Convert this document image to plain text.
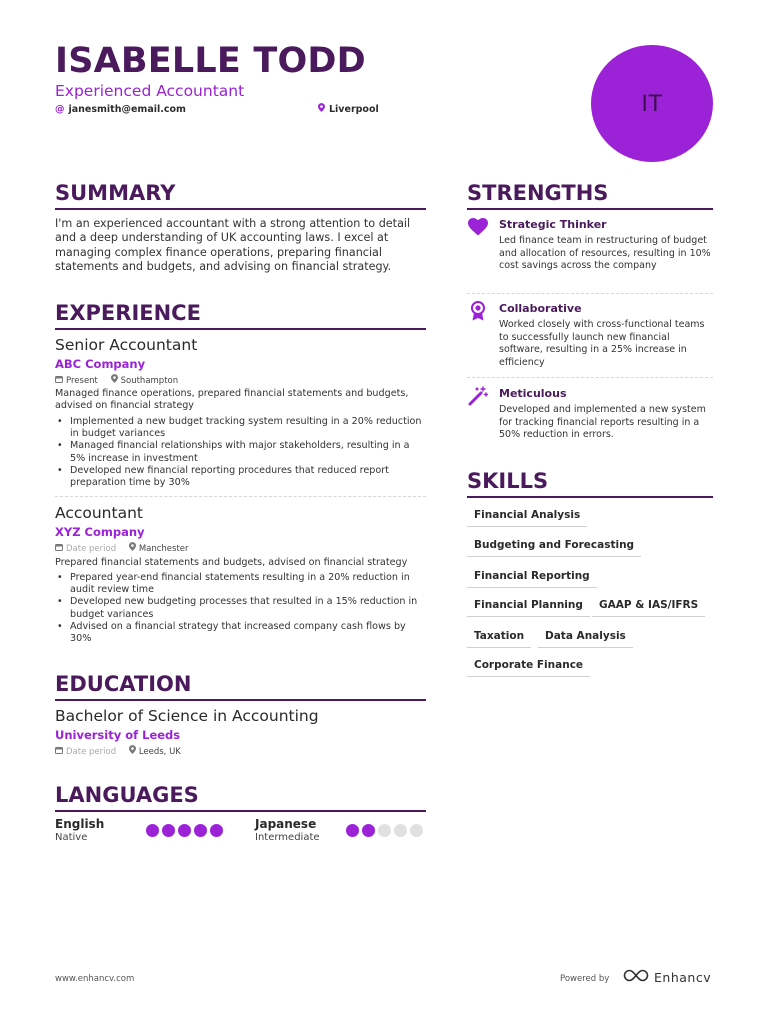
ISABELLE TODD
Experienced Accountant
@ janesmith@email.com	Liverpool	IT
SUMMARY
I'm an experienced accountant with a strong attention to detail and a deep understanding of UK accounting laws. I excel at managing complex finance operations, preparing financial statements and budgets, and advising on financial strategy.
EXPERIENCE
Senior Accountant
ABC Company
Present	Southampton
Managed finance operations, prepared financial statements and budgets, advised on financial strategy
• Implemented a new budget tracking system resulting in a 20% reduction in budget variances
• Managed financial relationships with major stakeholders, resulting in a 5% increase in investment
• Developed new financial reporting procedures that reduced report preparation time by 30%
Accountant
XYZ Company
Date period	Manchester
Prepared financial statements and budgets, advised on financial strategy
• Prepared year-end financial statements resulting in a 20% reduction in audit review time
• Developed new budgeting processes that resulted in a 15% reduction in budget variances
• Advised on a financial strategy that increased company cash flows by 30%
EDUCATION
Bachelor of Science in Accounting
University of Leeds
Date period	Leeds, UK
LANGUAGES
English
Native
Japanese
Intermediate
STRENGTHS
Strategic Thinker
Led finance team in restructuring of budget and allocation of resources, resulting in 10% cost savings across the company
Collaborative
Worked closely with cross-functional teams to successfully launch new financial software, resulting in a 25% increase in efficiency
Meticulous
Developed and implemented a new system for tracking financial reports resulting in a 50% reduction in errors.
SKILLS
Financial Analysis
Budgeting and Forecasting
Financial Reporting
Financial Planning	GAAP & IAS/IFRS
Taxation	Data Analysis
Corporate Finance
www.enhancv.com	Powered by	Enhancv
